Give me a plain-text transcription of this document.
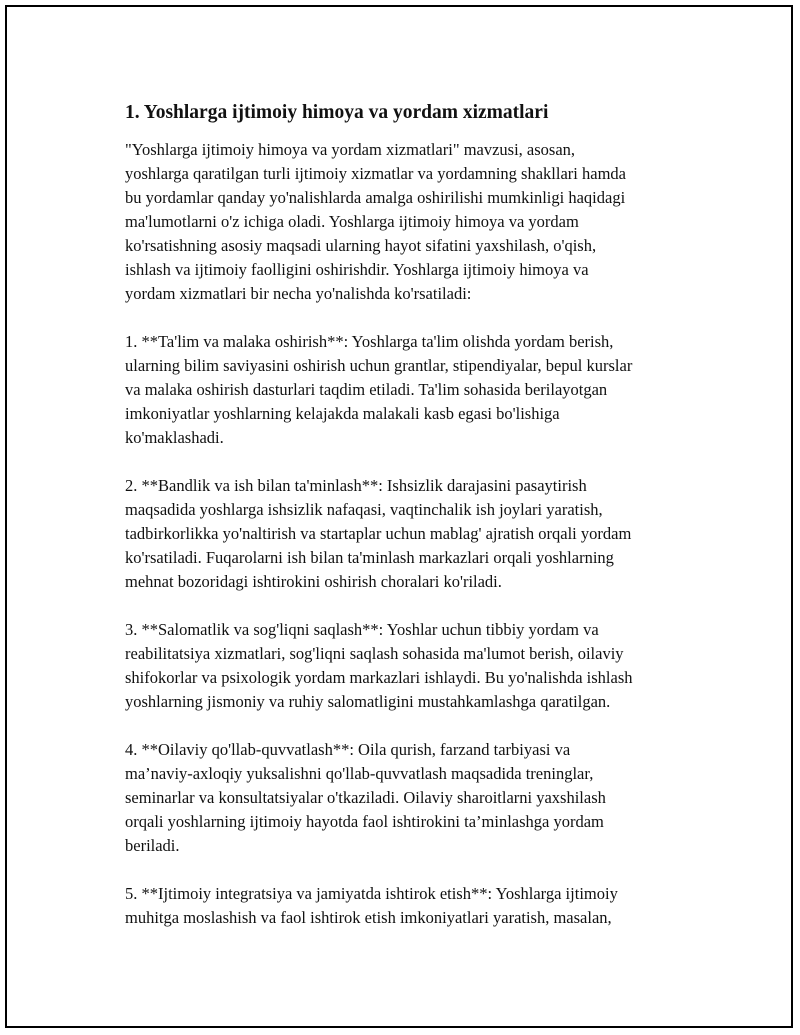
1. Yoshlarga ijtimoiy himoya va yordam xizmatlari

"Yoshlarga ijtimoiy himoya va yordam xizmatlari" mavzusi, asosan,
yoshlarga qaratilgan turli ijtimoiy xizmatlar va yordamning shakllari hamda
bu yordamlar qanday yo'nalishlarda amalga oshirilishi mumkinligi haqidagi
ma'lumotlarni o'z ichiga oladi. Yoshlarga ijtimoiy himoya va yordam
ko'rsatishning asosiy maqsadi ularning hayot sifatini yaxshilash, o'qish,
ishlash va ijtimoiy faolligini oshirishdir. Yoshlarga ijtimoiy himoya va
yordam xizmatlari bir necha yo'nalishda ko'rsatiladi:

1. **Ta'lim va malaka oshirish**: Yoshlarga ta'lim olishda yordam berish,
ularning bilim saviyasini oshirish uchun grantlar, stipendiyalar, bepul kurslar
va malaka oshirish dasturlari taqdim etiladi. Ta'lim sohasida berilayotgan
imkoniyatlar yoshlarning kelajakda malakali kasb egasi bo'lishiga
ko'maklashadi.

2. **Bandlik va ish bilan ta'minlash**: Ishsizlik darajasini pasaytirish
maqsadida yoshlarga ishsizlik nafaqasi, vaqtinchalik ish joylari yaratish,
tadbirkorlikka yo'naltirish va startaplar uchun mablag' ajratish orqali yordam
ko'rsatiladi. Fuqarolarni ish bilan ta'minlash markazlari orqali yoshlarning
mehnat bozoridagi ishtirokini oshirish choralari ko'riladi.

3. **Salomatlik va sog'liqni saqlash**: Yoshlar uchun tibbiy yordam va
reabilitatsiya xizmatlari, sog'liqni saqlash sohasida ma'lumot berish, oilaviy
shifokorlar va psixologik yordam markazlari ishlaydi. Bu yo'nalishda ishlash
yoshlarning jismoniy va ruhiy salomatligini mustahkamlashga qaratilgan.

4. **Oilaviy qo'llab-quvvatlash**: Oila qurish, farzand tarbiyasi va
ma’naviy-axloqiy yuksalishni qo'llab-quvvatlash maqsadida treninglar,
seminarlar va konsultatsiyalar o'tkaziladi. Oilaviy sharoitlarni yaxshilash
orqali yoshlarning ijtimoiy hayotda faol ishtirokini ta’minlashga yordam
beriladi.

5. **Ijtimoiy integratsiya va jamiyatda ishtirok etish**: Yoshlarga ijtimoiy
muhitga moslashish va faol ishtirok etish imkoniyatlari yaratish, masalan,
